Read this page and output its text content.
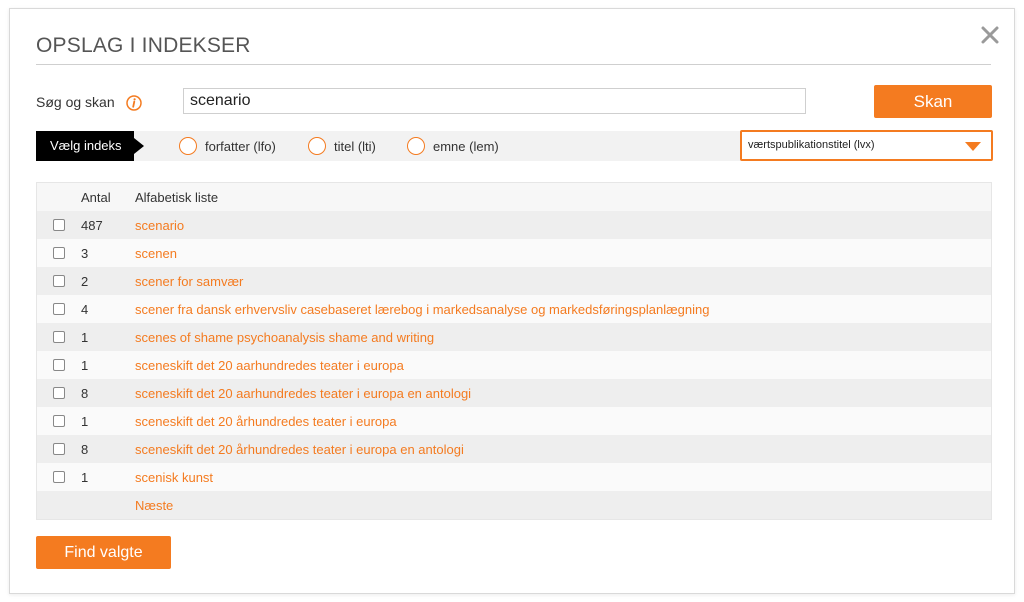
OPSLAG I INDEKSER
Søg og skan
scenario	Skan
Vælg indeks	forfatter (lfo)	titel (lti)	emne (lem)	værtspublikationstitel (lvx)
Antal	Alfabetisk liste
487	scenario
3	scenen
2	scener for samvær
4	scener fra dansk erhvervsliv casebaseret lærebog i markedsanalyse og markedsføringsplanlægning
1	scenes of shame psychoanalysis shame and writing
1	sceneskift det 20 aarhundredes teater i europa
8	sceneskift det 20 aarhundredes teater i europa en antologi
1	sceneskift det 20 århundredes teater i europa
8	sceneskift det 20 århundredes teater i europa en antologi
1	scenisk kunst
Næste
Find valgte
